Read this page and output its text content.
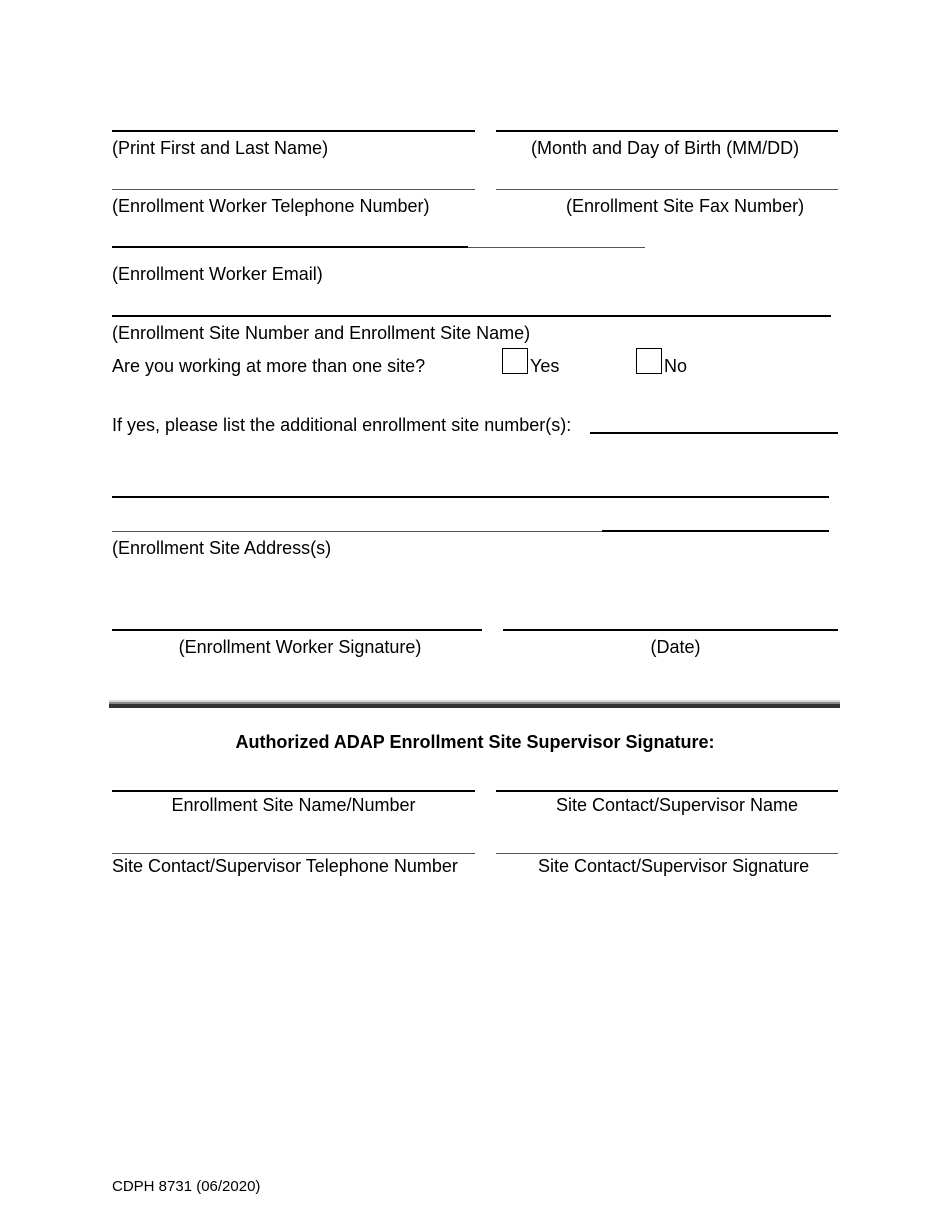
(Print First and Last Name)	(Month and Day of Birth (MM/DD)
(Enrollment Worker Telephone Number)	(Enrollment Site Fax Number)
(Enrollment Worker Email)
(Enrollment Site Number and Enrollment Site Name)
Are you working at more than one site?	Yes	No
If yes, please list the additional enrollment site number(s):
(Enrollment Site Address(s)
(Enrollment Worker Signature)	(Date)
Authorized ADAP Enrollment Site Supervisor Signature:
Enrollment Site Name/Number	Site Contact/Supervisor Name
Site Contact/Supervisor Telephone Number	Site Contact/Supervisor Signature
CDPH 8731 (06/2020)
